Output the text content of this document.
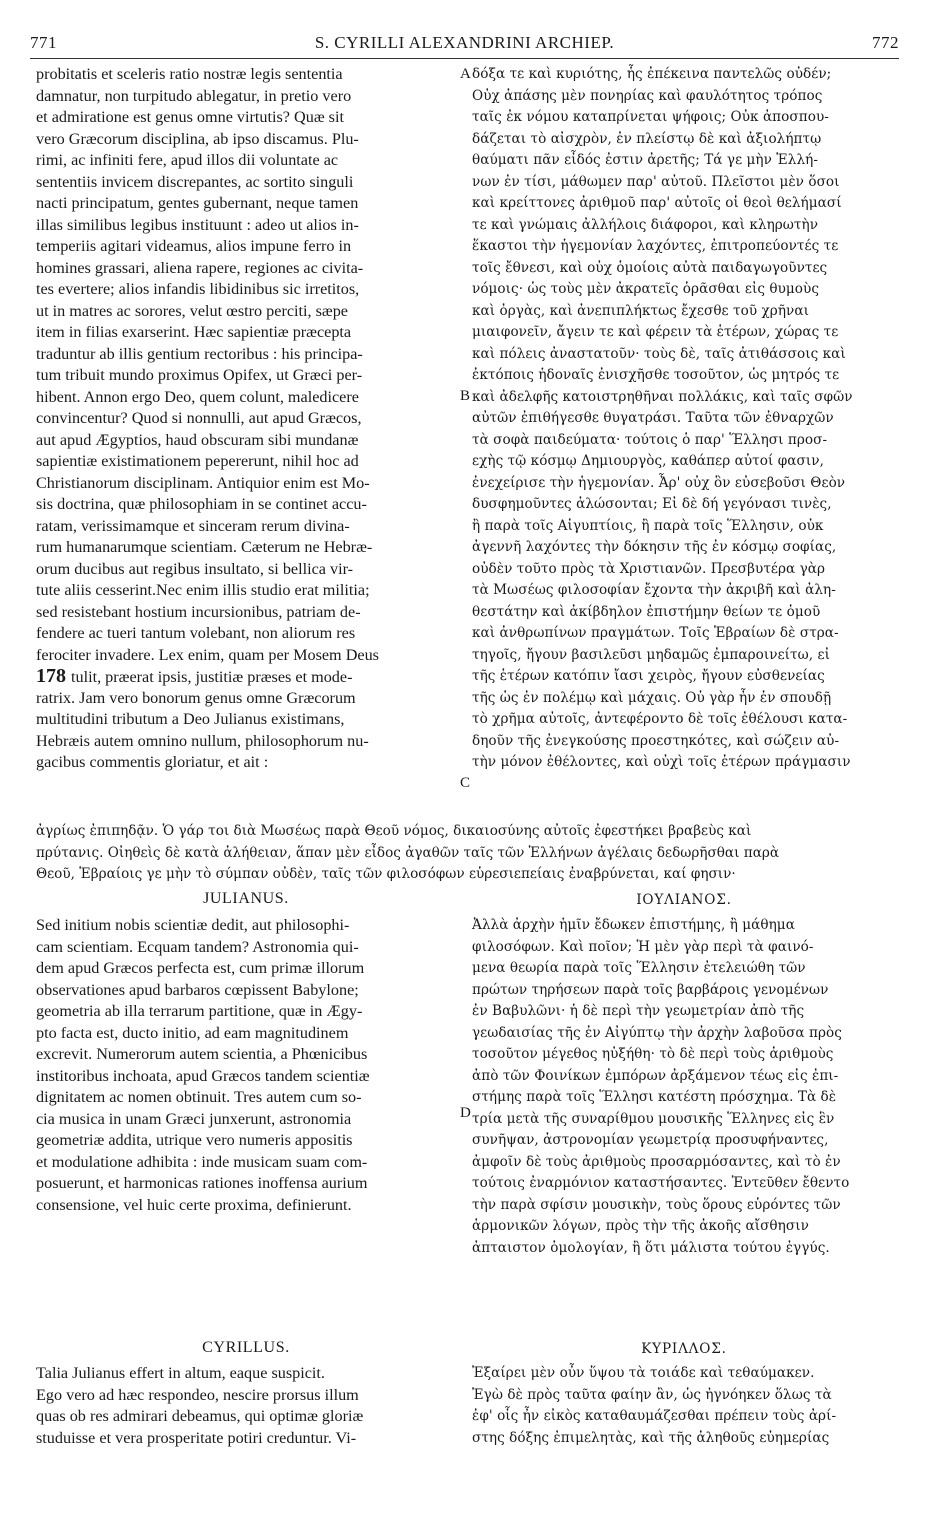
771	S. CYRILLI ALEXANDRINI ARCHIEP.	772
probitatis et sceleris ratio nostræ legis sententia
damnatur, non turpitudo ablegatur, in pretio vero
et admiratione est genus omne virtutis? Quæ sit
vero Græcorum disciplina, ab ipso discamus. Plu-
rimi, ac infiniti fere, apud illos dii voluntate ac
sententiis invicem discrepantes, ac sortito singuli
nacti principatum, gentes gubernant, neque tamen
illas similibus legibus instituunt : adeo ut alios in-
temperiis agitari videamus, alios impune ferro in
homines grassari, aliena rapere, regiones ac civita-
tes evertere; alios infandis libidinibus sic irretitos,
ut in matres ac sorores, velut œstro perciti, sæpe
item in filias exarserint. Hæc sapientiæ præcepta
traduntur ab illis gentium rectoribus : his principa-
tum tribuit mundo proximus Opifex, ut Græci per-
hibent. Annon ergo Deo, quem colunt, maledicere
convincentur? Quod si nonnulli, aut apud Græcos,
aut apud Ægyptios, haud obscuram sibi mundanæ
sapientiæ existimationem pepererunt, nihil hoc ad
Christianorum disciplinam. Antiquior enim est Mo-
sis doctrina, quæ philosophiam in se continet accu-
ratam, verissimamque et sinceram rerum divina-
rum humanarumque scientiam. Cæterum ne Hebræ-
orum ducibus aut regibus insultato, si bellica vir-
tute aliis cesserint.Nec enim illis studio erat militia;
sed resistebant hostium incursionibus, patriam de-
fendere ac tueri tantum volebant, non aliorum res
ferociter invadere. Lex enim, quam per Mosem Deus
178 tulit, præerat ipsis, justitiæ præses et mode-
ratrix. Jam vero bonorum genus omne Græcorum
multitudini tributum a Deo Julianus existimans,
Hebræis autem omnino nullum, philosophorum nu-
gacibus commentis gloriatur, et ait :
δόξα τε καὶ κυριότης, ἧς ἐπέκεινα παντελῶς οὐδέν;
Οὐχ ἁπάσης μὲν πονηρίας καὶ φαυλότητος τρόπος
ταῖς ἐκ νόμου καταπρίνεται ψήφοις; Οὐκ ἀποσπου-
δάζεται τὸ αἰσχρὸν, ἐν πλείστῳ δὲ καὶ ἀξιολήπτῳ
θαύματι πᾶν εἶδός ἐστιν ἀρετῆς; Τά γε μὴν Ἑλλή-
νων ἐν τίσι, μάθωμεν παρ' αὐτοῦ. Πλεῖστοι μὲν ὅσοι
καὶ κρείττονες ἀριθμοῦ παρ' αὐτοῖς οἱ θεοὶ θελήμασί
τε καὶ γνώμαις ἀλλήλοις διάφοροι, καὶ κληρωτὴν
ἕκαστοι τὴν ἡγεμονίαν λαχόντες, ἐπιτροπεύοντές τε
τοῖς ἔθνεσι, καὶ οὐχ ὁμοίοις αὐτὰ παιδαγωγοῦντες
νόμοις· ὡς τοὺς μὲν ἀκρατεῖς ὁρᾶσθαι εἰς θυμοὺς
καὶ ὀργὰς, καὶ ἀνεπιπλήκτως ἔχεσθε τοῦ χρῆναι
μιαιφονεῖν, ἄγειν τε καὶ φέρειν τὰ ἑτέρων, χώρας τε
καὶ πόλεις ἀναστατοῦν· τοὺς δὲ, ταῖς ἀτιθάσσοις καὶ
ἐκτόποις ἡδοναῖς ἐνισχῆσθε τοσοῦτον, ὡς μητρός τε
καὶ ἀδελφῆς κατοιστρηθῆναι πολλάκις, καὶ ταῖς σφῶν
αὐτῶν ἐπιθήγεσθε θυγατράσι. Ταῦτα τῶν ἐθναρχῶν
τὰ σοφὰ παιδεύματα· τούτοις ὁ παρ' Ἕλλησι προσ-
εχὴς τῷ κόσμῳ Δημιουργὸς, καθάπερ αὐτοί φασιν,
ἐνεχείρισε τὴν ἡγεμονίαν. Ἆρ' οὐχ ὃν εὐσεβοῦσι Θεὸν
δυσφημοῦντες ἁλώσονται; Εἰ δὲ δή γεγόνασι τινὲς,
ἢ παρὰ τοῖς Αἰγυπτίοις, ἢ παρὰ τοῖς Ἕλλησιν, οὐκ
ἀγεννῆ λαχόντες τὴν δόκησιν τῆς ἐν κόσμῳ σοφίας,
οὐδὲν τοῦτο πρὸς τὰ Χριστιανῶν. Πρεσβυτέρα γὰρ
τὰ Μωσέως φιλοσοφίαν ἔχοντα τὴν ἀκριβῆ καὶ ἀλη-
θεστάτην καὶ ἀκίβδηλον ἐπιστήμην θείων τε ὁμοῦ
καὶ ἀνθρωπίνων πραγμάτων. Τοῖς Ἑβραίων δὲ στρα-
τηγοῖς, ἤγουν βασιλεῦσι μηδαμῶς ἐμπαροινείτω, εἰ
τῆς ἑτέρων κατόπιν ἴασι χειρὸς, ἤγουν εὐσθενείας
τῆς ὡς ἐν πολέμῳ καὶ μάχαις. Οὐ γὰρ ἦν ἐν σπουδῇ
τὸ χρῆμα αὐτοῖς, ἀντεφέροντο δὲ τοῖς ἐθέλουσι κατα-
δηοῦν τῆς ἐνεγκούσης προεστηκότες, καὶ σώζειν αὐ-
τὴν μόνον ἐθέλοντες, καὶ οὐχὶ τοῖς ἑτέρων πράγμασιν
ἀγρίως ἐπιπηδᾷν. Ὁ γάρ τοι διὰ Μωσέως παρὰ Θεοῦ νόμος, δικαιοσύνης αὐτοῖς ἐφεστήκει βραβεὺς καὶ
πρύτανις. Οἰηθεὶς δὲ κατὰ ἀλήθειαν, ἅπαν μὲν εἶδος ἀγαθῶν ταῖς τῶν Ἑλλήνων ἀγέλαις δεδωρῆσθαι παρὰ
Θεοῦ, Ἑβραίοις γε μὴν τὸ σύμπαν οὐδὲν, ταῖς τῶν φιλοσόφων εὑρεσιεπείαις ἐναβρύνεται, καί φησιν·
A
B
C
D
JULIANUS.	ΙΟΥΛΙΑΝΟΣ.
Sed initium nobis scientiæ dedit, aut philosophi-
cam scientiam. Ecquam tandem? Astronomia qui-
dem apud Græcos perfecta est, cum primæ illorum
observationes apud barbaros cœpissent Babylone;
geometria ab illa terrarum partitione, quæ in Ægy-
pto facta est, ducto initio, ad eam magnitudinem
excrevit. Numerorum autem scientia, a Phœnicibus
institoribus inchoata, apud Græcos tandem scientiæ
dignitatem ac nomen obtinuit. Tres autem cum so-
cia musica in unam Græci junxerunt, astronomia
geometriæ addita, utrique vero numeris appositis
et modulatione adhibita : inde musicam suam com-
posuerunt, et harmonicas rationes inoffensa aurium
consensione, vel huic certe proxima, definierunt.
Ἀλλὰ ἀρχὴν ἡμῖν ἔδωκεν ἐπιστήμης, ἢ μάθημα
φιλοσόφων. Καὶ ποῖον; Ἡ μὲν γὰρ περὶ τὰ φαινό-
μενα θεωρία παρὰ τοῖς Ἕλλησιν ἐτελειώθη τῶν
πρώτων τηρήσεων παρὰ τοῖς βαρβάροις γενομένων
ἐν Βαβυλῶνι· ἡ δὲ περὶ τὴν γεωμετρίαν ἀπὸ τῆς
γεωδαισίας τῆς ἐν Αἰγύπτῳ τὴν ἀρχὴν λαβοῦσα πρὸς
τοσοῦτον μέγεθος ηὐξήθη· τὸ δὲ περὶ τοὺς ἀριθμοὺς
ἀπὸ τῶν Φοινίκων ἐμπόρων ἀρξάμενον τέως εἰς ἐπι-
στήμης παρὰ τοῖς Ἕλλησι κατέστη πρόσχημα. Τὰ δὲ
τρία μετὰ τῆς συναρίθμου μουσικῆς Ἕλληνες εἰς ἓν
συνῆψαν, ἀστρονομίαν γεωμετρίᾳ προσυφήναντες,
ἀμφοῖν δὲ τοὺς ἀριθμοὺς προσαρμόσαντες, καὶ τὸ ἐν
τούτοις ἐναρμόνιον καταστήσαντες. Ἐντεῦθεν ἔθεντο
τὴν παρὰ σφίσιν μουσικὴν, τοὺς ὅρους εὑρόντες τῶν
ἁρμονικῶν λόγων, πρὸς τὴν τῆς ἀκοῆς αἴσθησιν
ἀπταιστον ὁμολογίαν, ἢ ὅτι μάλιστα τούτου ἐγγύς.
CYRILLUS.	ΚΥΡΙΛΛΟΣ.
Talia Julianus effert in altum, eaque suspicit.
Ego vero ad hæc respondeo, nescire prorsus illum
quas ob res admirari debeamus, qui optimæ gloriæ
studuisse et vera prosperitate potiri creduntur. Vi-
Ἐξαίρει μὲν οὖν ὕψου τὰ τοιάδε καὶ τεθαύμακεν.
Ἐγὼ δὲ πρὸς ταῦτα φαίην ἂν, ὡς ἠγνόηκεν ὅλως τὰ
ἐφ' οἷς ἦν εἰκὸς καταθαυμάζεσθαι πρέπειν τοὺς ἀρί-
στης δόξης ἐπιμελητὰς, καὶ τῆς ἀληθοῦς εὐημερίας
